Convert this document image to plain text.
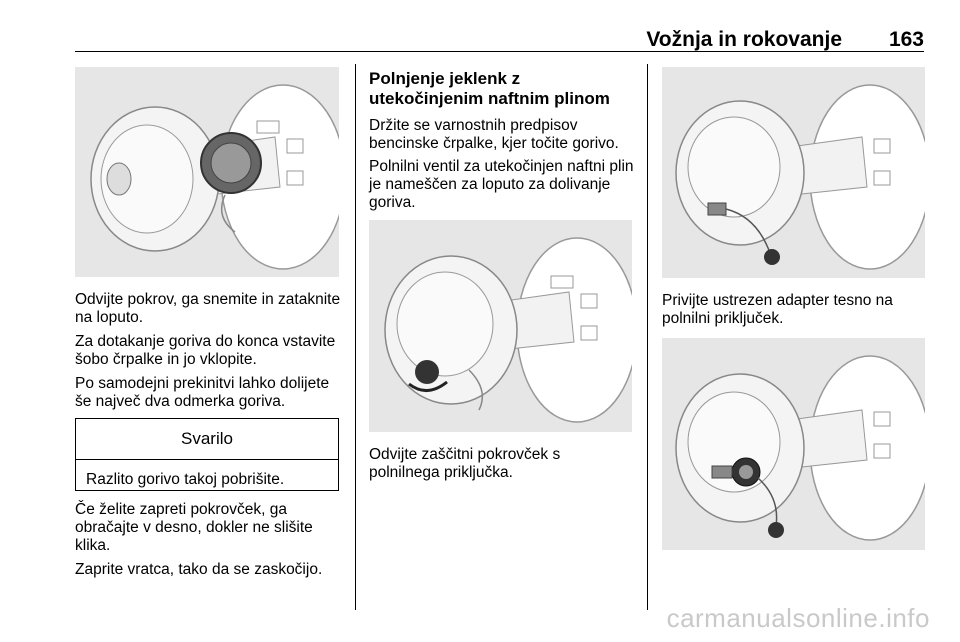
Vožnja in rokovanje 163

Odvijte pokrov, ga snemite in zataknite na loputo.

Za dotakanje goriva do konca vstavite šobo črpalke in jo vklopite.

Po samodejni prekinitvi lahko dolijete še največ dva odmerka goriva.

Svarilo
Razlito gorivo takoj pobrišite.

Če želite zapreti pokrovček, ga obračajte v desno, dokler ne slišite klika.

Zaprite vratca, tako da se zaskočijo.

Polnjenje jeklenk z utekočinjenim naftnim plinom

Držite se varnostnih predpisov bencinske črpalke, kjer točite gorivo.

Polnilni ventil za utekočinjen naftni plin je nameščen za loputo za dolivanje goriva.

Odvijte zaščitni pokrovček s polnilnega priključka.

Privijte ustrezen adapter tesno na polnilni priključek.

carmanualsonline.info
